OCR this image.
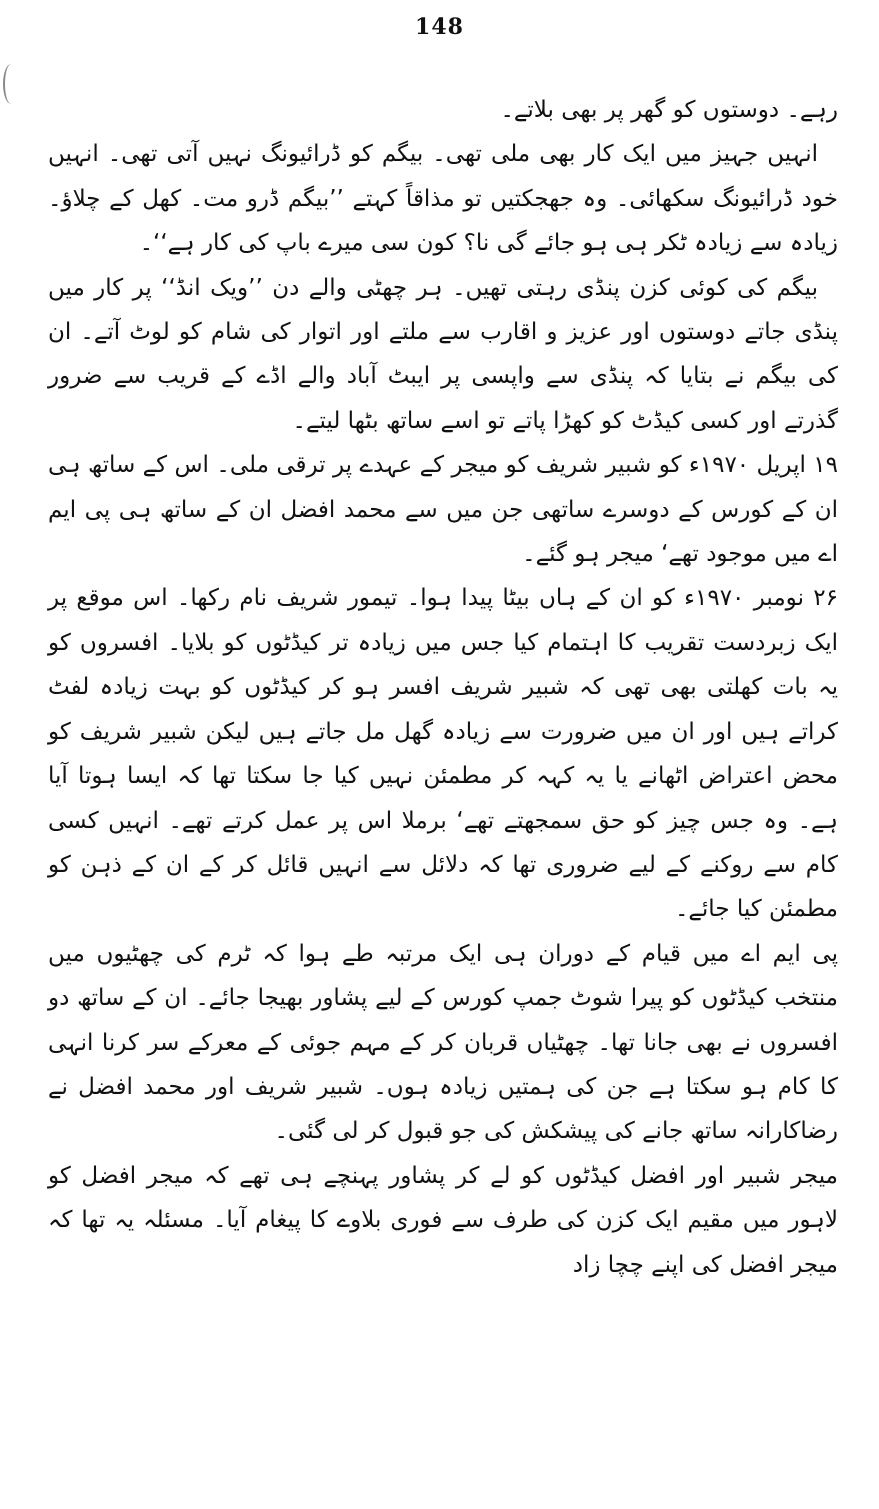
148

رہے۔ دوستوں کو گھر پر بھی بلاتے۔

انہیں جہیز میں ایک کار بھی ملی تھی۔ بیگم کو ڈرائیونگ نہیں آتی تھی۔ انہیں خود ڈرائیونگ سکھائی۔ وہ جھجکتیں تو مذاقاً کہتے ’’بیگم ڈرو مت۔ کھل کے چلاؤ۔ زیادہ سے زیادہ ٹکر ہی ہو جائے گی نا؟ کون سی میرے باپ کی کار ہے‘‘۔

بیگم کی کوئی کزن پنڈی رہتی تھیں۔ ہر چھٹی والے دن ’’ویک انڈ‘‘ پر کار میں پنڈی جاتے دوستوں اور عزیز و اقارب سے ملتے اور اتوار کی شام کو لوٹ آتے۔ ان کی بیگم نے بتایا کہ پنڈی سے واپسی پر ایبٹ آباد والے اڈے کے قریب سے ضرور گذرتے اور کسی کیڈٹ کو کھڑا پاتے تو اسے ساتھ بٹھا لیتے۔

۱۹ اپریل ۱۹۷۰ء کو شبیر شریف کو میجر کے عہدے پر ترقی ملی۔ اس کے ساتھ ہی ان کے کورس کے دوسرے ساتھی جن میں سے محمد افضل ان کے ساتھ ہی پی ایم اے میں موجود تھے‘ میجر ہو گئے۔

۲۶ نومبر ۱۹۷۰ء کو ان کے ہاں بیٹا پیدا ہوا۔ تیمور شریف نام رکھا۔ اس موقع پر ایک زبردست تقریب کا اہتمام کیا جس میں زیادہ تر کیڈٹوں کو بلایا۔ افسروں کو یہ بات کھلتی بھی تھی کہ شبیر شریف افسر ہو کر کیڈٹوں کو بہت زیادہ لفٹ کراتے ہیں اور ان میں ضرورت سے زیادہ گھل مل جاتے ہیں لیکن شبیر شریف کو محض اعتراض اٹھانے یا یہ کہہ کر مطمئن نہیں کیا جا سکتا تھا کہ ایسا ہوتا آیا ہے۔ وہ جس چیز کو حق سمجھتے تھے‘ برملا اس پر عمل کرتے تھے۔ انہیں کسی کام سے روکنے کے لیے ضروری تھا کہ دلائل سے انہیں قائل کر کے ان کے ذہن کو مطمئن کیا جائے۔

پی ایم اے میں قیام کے دوران ہی ایک مرتبہ طے ہوا کہ ٹرم کی چھٹیوں میں منتخب کیڈٹوں کو پیرا شوٹ جمپ کورس کے لیے پشاور بھیجا جائے۔ ان کے ساتھ دو افسروں نے بھی جانا تھا۔ چھٹیاں قربان کر کے مہم جوئی کے معرکے سر کرنا انہی کا کام ہو سکتا ہے جن کی ہمتیں زیادہ ہوں۔ شبیر شریف اور محمد افضل نے رضاکارانہ ساتھ جانے کی پیشکش کی جو قبول کر لی گئی۔

میجر شبیر اور افضل کیڈٹوں کو لے کر پشاور پہنچے ہی تھے کہ میجر افضل کو لاہور میں مقیم ایک کزن کی طرف سے فوری بلاوے کا پیغام آیا۔ مسئلہ یہ تھا کہ میجر افضل کی اپنے چچا زاد
